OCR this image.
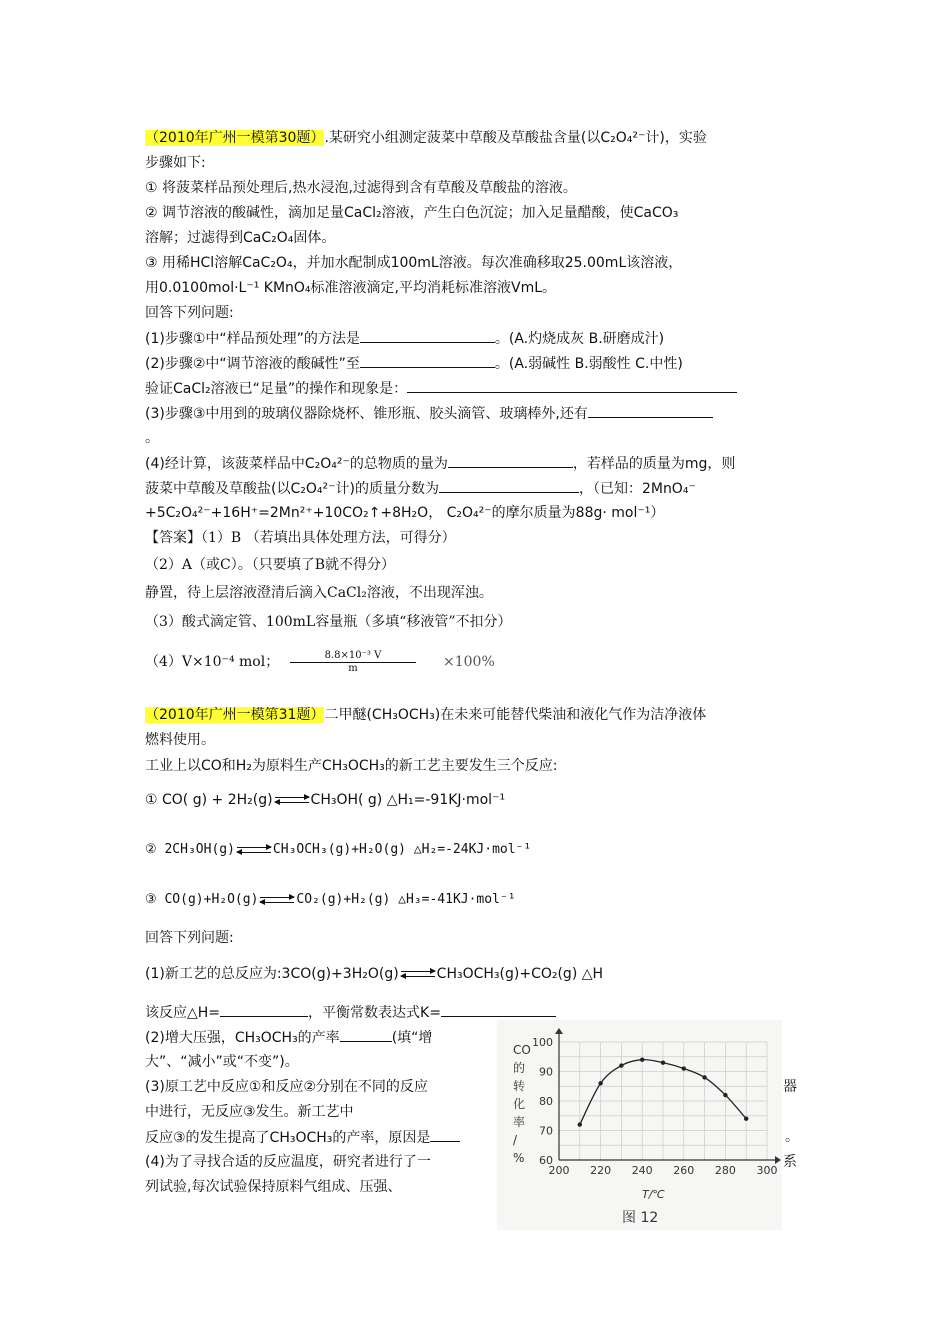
（2010年广州一模第30题）.某研究小组测定菠菜中草酸及草酸盐含量(以C₂O₄²⁻计)，实验
步骤如下:
① 将菠菜样品预处理后,热水浸泡,过滤得到含有草酸及草酸盐的溶液。
② 调节溶液的酸碱性，滴加足量CaCl₂溶液，产生白色沉淀；加入足量醋酸，使CaCO₃
溶解；过滤得到CaC₂O₄固体。
③ 用稀HCl溶解CaC₂O₄，并加水配制成100mL溶液。每次准确移取25.00mL该溶液，
用0.0100mol·L⁻¹ KMnO₄标准溶液滴定,平均消耗标准溶液VmL。
回答下列问题:
(1)步骤①中“样品预处理”的方法是	。(A.灼烧成灰 B.研磨成汁)
(2)步骤②中“调节溶液的酸碱性”至	。(A.弱碱性 B.弱酸性 C.中性)
验证CaCl₂溶液已“足量”的操作和现象是：
(3)步骤③中用到的玻璃仪器除烧杯、锥形瓶、胶头滴管、玻璃棒外,还有
。
(4)经计算，该菠菜样品中C₂O₄²⁻的总物质的量为	，若样品的质量为mg，则
菠菜中草酸及草酸盐(以C₂O₄²⁻计)的质量分数为	，（已知：2MnO₄⁻
+5C₂O₄²⁻+16H⁺=2Mn²⁺+10CO₂↑+8H₂O， C₂O₄²⁻的摩尔质量为88g· mol⁻¹）
【答案】（1）B （若填出具体处理方法，可得分）
（2）A（或C）。（只要填了B就不得分）
静置，待上层溶液澄清后滴入CaCl₂溶液，不出现浑浊。
（3）酸式滴定管、100mL容量瓶（多填“移液管”不扣分）
（4）V×10⁻⁴ mol； $\frac{\text{8.8×10⁻³ V}}{m} \times 100\%$
（2010年广州一模第31题）二甲醚(CH₃OCH₃)在未来可能替代柴油和液化气作为洁净液体
燃料使用。
工业上以CO和H₂为原料生产CH₃OCH₃的新工艺主要发生三个反应:
① CO( g) + 2H₂(g) ⇌ CH₃OH( g) △H₁=-91KJ·mol⁻¹
② 2CH₃OH(g) ⇌ CH₃OCH₃(g)+H₂O(g) △H₂=-24KJ·mol⁻¹
③ CO(g)+H₂O(g) ⇌ CO₂(g)+H₂(g) △H₃=-41KJ·mol⁻¹
回答下列问题:
(1)新工艺的总反应为:3CO(g)+3H₂O(g) ⇌ CH₃OCH₃(g)+CO₂(g) △H
该反应△H=	，平衡常数表达式K=
(2)增大压强，CH₃OCH₃的产率	(填“增
大”、“减小”或“不变”)。
(3)原工艺中反应①和反应②分别在不同的反应	器
中进行，无反应③发生。新工艺中
反应③的发生提高了CH₃OCH₃的产率，原因是	。
(4)为了寻找合适的反应温度，研究者进行了一	系
列试验,每次试验保持原料气组成、压强、
200 220 240 260 280 300
60
70
80
90
100
CO 的转化率/ %
T/℃
图 12
